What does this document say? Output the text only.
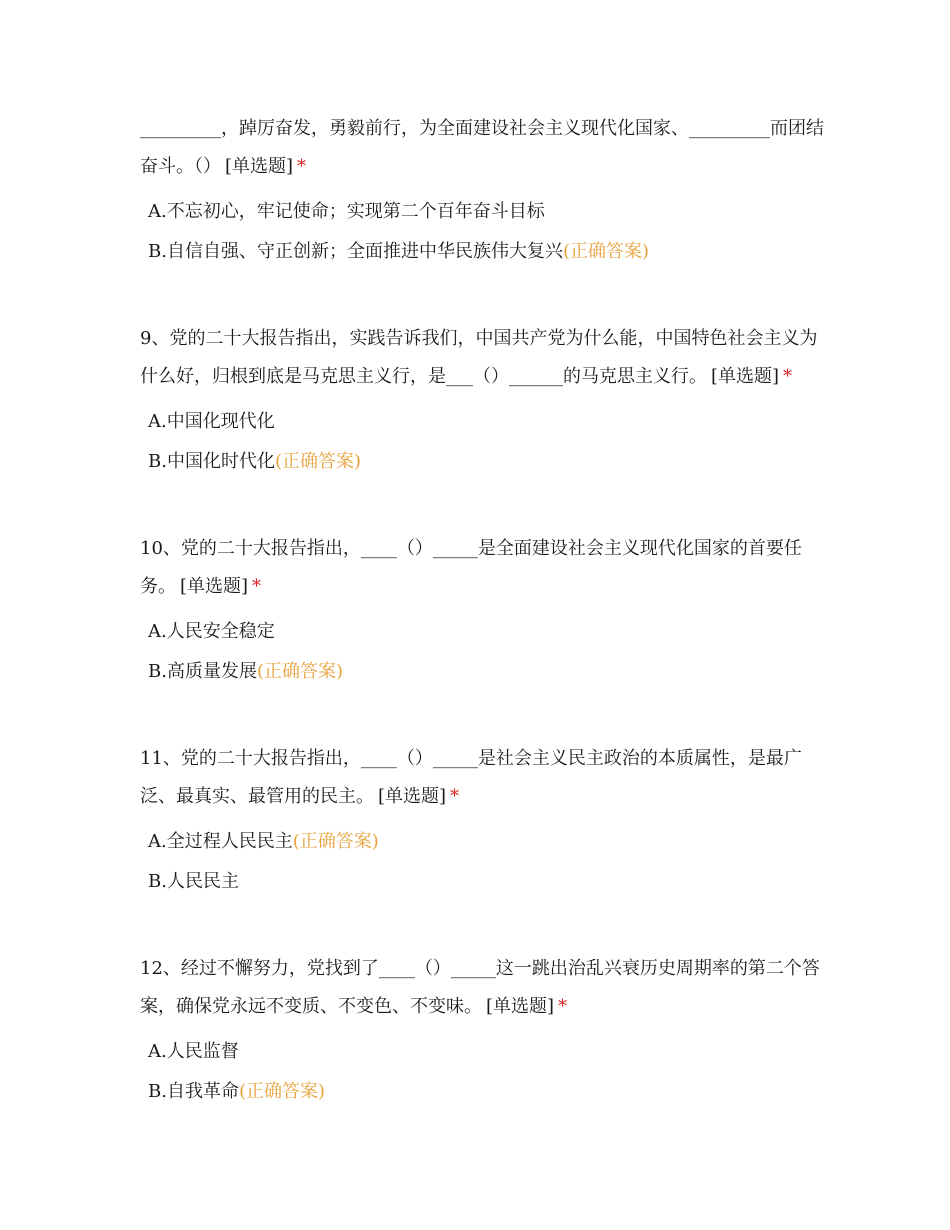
_________，踔厉奋发，勇毅前行，为全面建设社会主义现代化国家、_________而团结奋斗。（） [单选题] *

A.不忘初心，牢记使命；实现第二个百年奋斗目标
B.自信自强、守正创新；全面推进中华民族伟大复兴(正确答案)

9、党的二十大报告指出，实践告诉我们，中国共产党为什么能，中国特色社会主义为什么好，归根到底是马克思主义行，是___（）______的马克思主义行。 [单选题] *

A.中国化现代化
B.中国化时代化(正确答案)

10、党的二十大报告指出，____（）_____是全面建设社会主义现代化国家的首要任务。 [单选题] *

A.人民安全稳定
B.高质量发展(正确答案)

11、党的二十大报告指出，____（）_____是社会主义民主政治的本质属性，是最广泛、最真实、最管用的民主。 [单选题] *

A.全过程人民民主(正确答案)
B.人民民主

12、经过不懈努力，党找到了____（）_____这一跳出治乱兴衰历史周期率的第二个答案，确保党永远不变质、不变色、不变味。 [单选题] *

A.人民监督
B.自我革命(正确答案)
